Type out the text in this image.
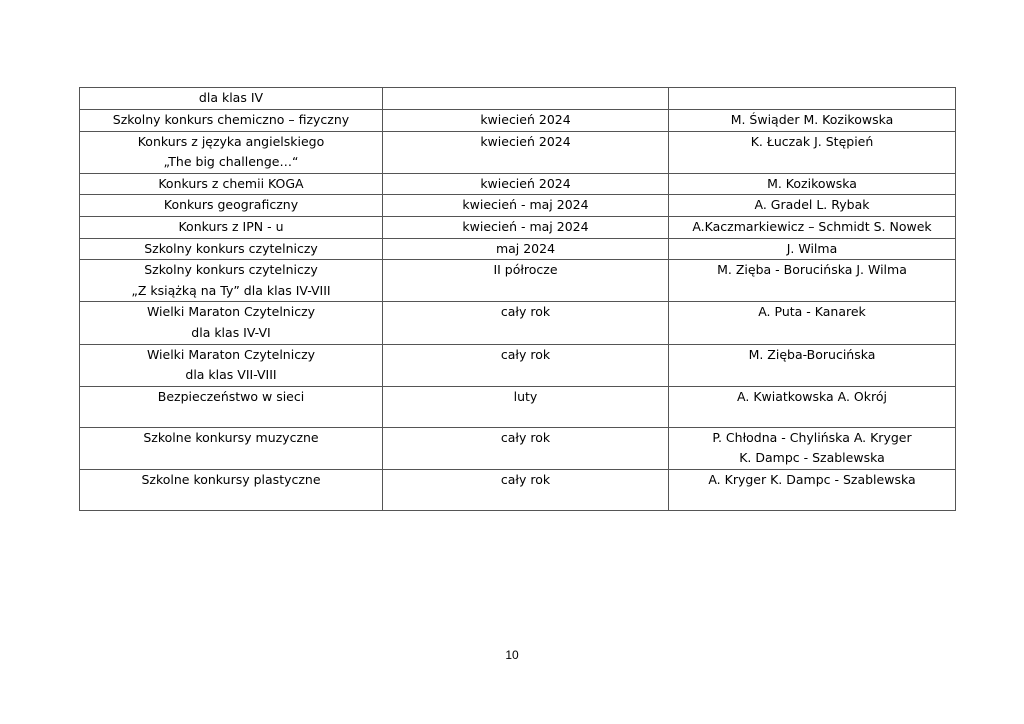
dla klas IV		

Szkolny konkurs chemiczno – fizyczny	kwiecień 2024	M. Świąder M. Kozikowska

Konkurs z języka angielskiego
„The big challenge…“	kwiecień 2024	K. Łuczak J. Stępień

Konkurs z chemii KOGA	kwiecień 2024	M. Kozikowska

Konkurs geograficzny	kwiecień - maj 2024	A. Gradel L. Rybak

Konkurs z IPN - u	kwiecień - maj 2024	A.Kaczmarkiewicz – Schmidt S. Nowek

Szkolny konkurs czytelniczy	maj 2024	J. Wilma

Szkolny konkurs czytelniczy
„Z książką na Ty” dla klas IV-VIII	II półrocze	M. Zięba - Borucińska J. Wilma

Wielki Maraton Czytelniczy
dla klas IV-VI	cały rok	A. Puta - Kanarek

Wielki Maraton Czytelniczy
dla klas VII-VIII	cały rok	M. Zięba-Borucińska

Bezpieczeństwo w sieci	luty	A. Kwiatkowska A. Okrój

Szkolne konkursy muzyczne	cały rok	P. Chłodna - Chylińska A. Kryger
K. Dampc - Szablewska

Szkolne konkursy plastyczne	cały rok	A. Kryger K. Dampc - Szablewska
10
